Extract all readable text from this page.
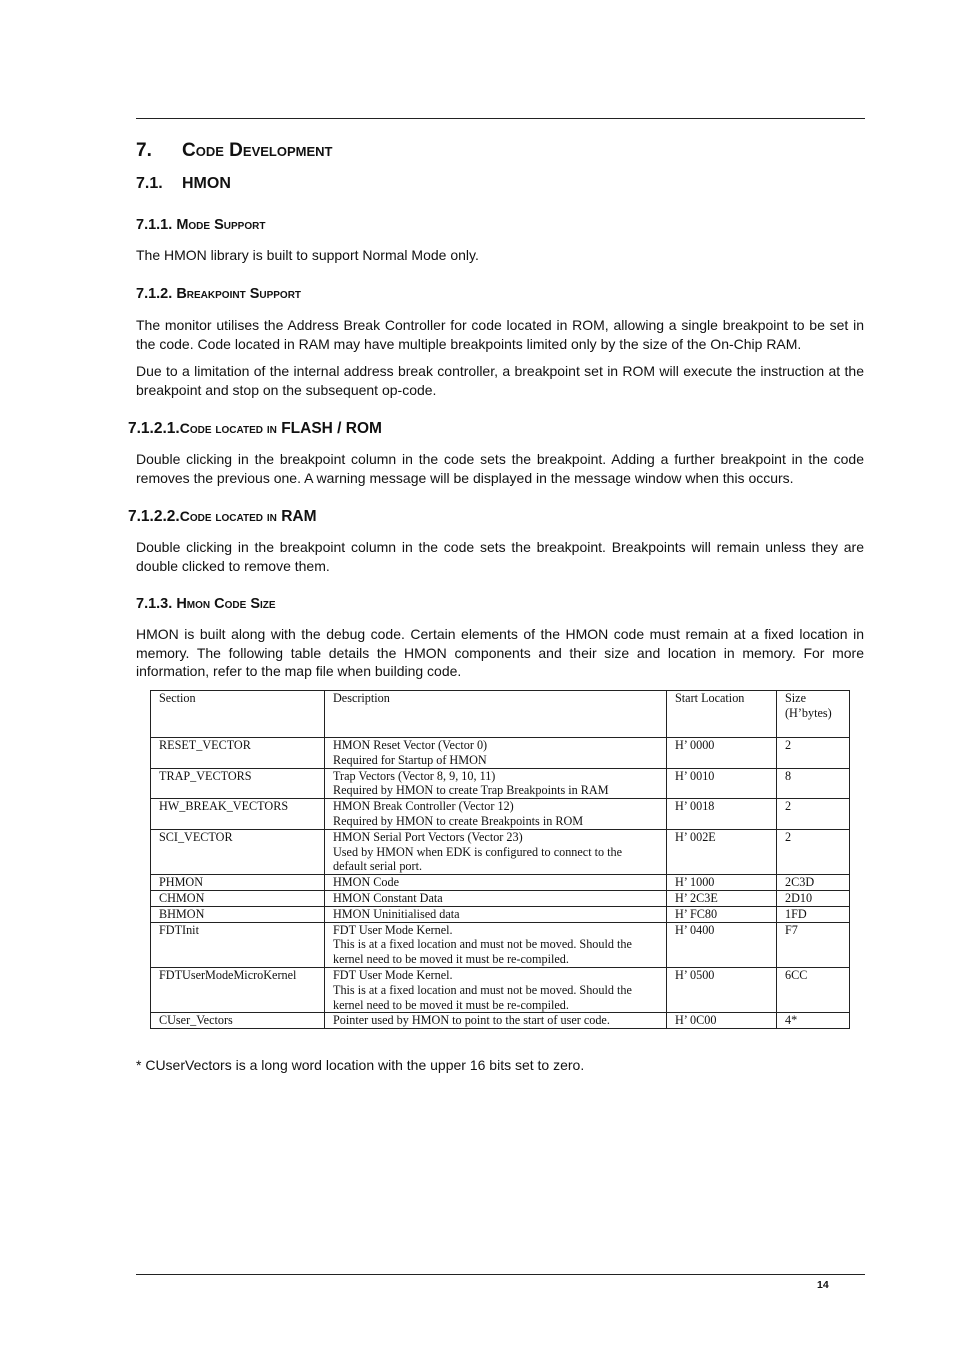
7. Code Development
7.1. HMON
7.1.1. Mode Support
The HMON library is built to support Normal Mode only.
7.1.2. Breakpoint Support
The monitor utilises the Address Break Controller for code located in ROM, allowing a single breakpoint to be set in the code. Code located in RAM may have multiple breakpoints limited only by the size of the On-Chip RAM.
Due to a limitation of the internal address break controller, a breakpoint set in ROM will execute the instruction at the breakpoint and stop on the subsequent op-code.
7.1.2.1.Code located in FLASH / ROM
Double clicking in the breakpoint column in the code sets the breakpoint. Adding a further breakpoint in the code removes the previous one. A warning message will be displayed in the message window when this occurs.
7.1.2.2.Code located in RAM
Double clicking in the breakpoint column in the code sets the breakpoint. Breakpoints will remain unless they are double clicked to remove them.
7.1.3. Hmon Code Size
HMON is built along with the debug code. Certain elements of the HMON code must remain at a fixed location in memory. The following table details the HMON components and their size and location in memory. For more information, refer to the map file when building code.
Section	Description	Start Location	Size
(H’bytes)

RESET_VECTOR	HMON Reset Vector (Vector 0)
Required for Startup of HMON	H’ 0000	2
TRAP_VECTORS	Trap Vectors (Vector 8, 9, 10, 11)
Required by HMON to create Trap Breakpoints in RAM	H’ 0010	8
HW_BREAK_VECTORS	HMON Break Controller (Vector 12)
Required by HMON to create Breakpoints in ROM	H’ 0018	2
SCI_VECTOR	HMON Serial Port Vectors (Vector 23)
Used by HMON when EDK is configured to connect to the
default serial port.	H’ 002E	2
PHMON	HMON Code	H’ 1000	2C3D
CHMON	HMON Constant Data	H’ 2C3E	2D10
BHMON	HMON Uninitialised data	H’ FC80	1FD
FDTInit	FDT User Mode Kernel.
This is at a fixed location and must not be moved. Should the
kernel need to be moved it must be re-compiled.	H’ 0400	F7
FDTUserModeMicroKernel	FDT User Mode Kernel.
This is at a fixed location and must not be moved. Should the
kernel need to be moved it must be re-compiled.	H’ 0500	6CC
CUser_Vectors	Pointer used by HMON to point to the start of user code.	H’ 0C00	4*
* CUserVectors is a long word location with the upper 16 bits set to zero.
14
